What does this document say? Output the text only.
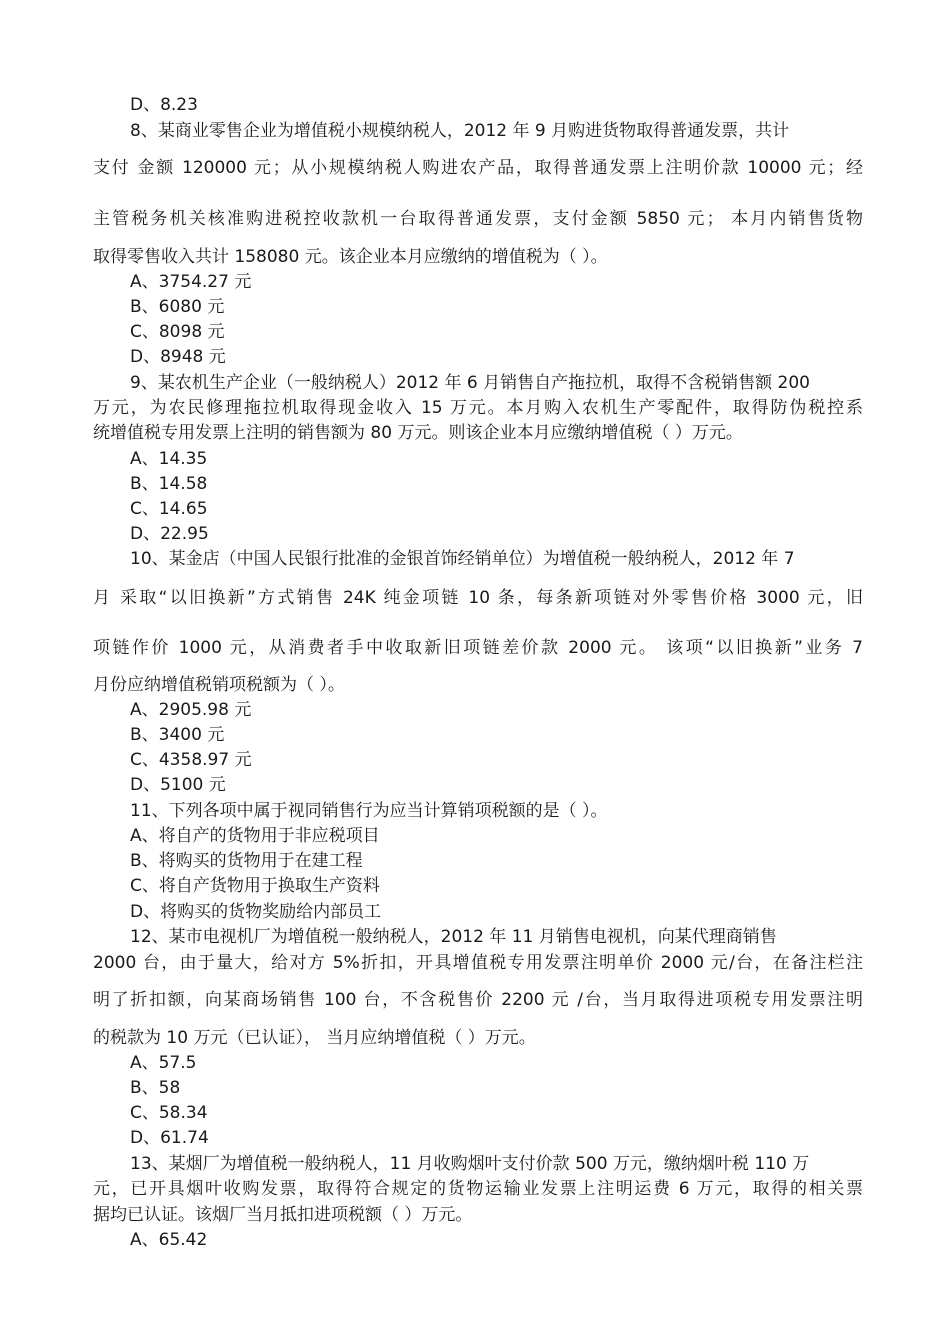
D、8.23
8、某商业零售企业为增值税小规模纳税人，2012 年 9 月购进货物取得普通发票，共计
支付 金额 120000 元；从小规模纳税人购进农产品，取得普通发票上注明价款 10000 元；经
主管税务机关核准购进税控收款机一台取得普通发票，支付金额 5850 元； 本月内销售货物
取得零售收入共计 158080 元。该企业本月应缴纳的增值税为（ ）。
A、3754.27 元
B、6080 元
C、8098 元
D、8948 元
9、某农机生产企业（一般纳税人）2012 年 6 月销售自产拖拉机，取得不含税销售额 200
万元，为农民修理拖拉机取得现金收入 15 万元。本月购入农机生产零配件，取得防伪税控系
统增值税专用发票上注明的销售额为 80 万元。则该企业本月应缴纳增值税（ ）万元。
A、14.35
B、14.58
C、14.65
D、22.95
10、某金店（中国人民银行批准的金银首饰经销单位）为增值税一般纳税人，2012 年 7
月 采取“以旧换新”方式销售 24K 纯金项链 10 条，每条新项链对外零售价格 3000 元，旧
项链作价 1000 元，从消费者手中收取新旧项链差价款 2000 元。 该项“以旧换新”业务 7
月份应纳增值税销项税额为（ ）。
A、2905.98 元
B、3400 元
C、4358.97 元
D、5100 元
11、下列各项中属于视同销售行为应当计算销项税额的是（ ）。
A、将自产的货物用于非应税项目
B、将购买的货物用于在建工程
C、将自产货物用于换取生产资料
D、将购买的货物奖励给内部员工
12、某市电视机厂为增值税一般纳税人，2012 年 11 月销售电视机，向某代理商销售
2000 台，由于量大，给对方 5%折扣，开具增值税专用发票注明单价 2000 元/台，在备注栏注
明了折扣额，向某商场销售 100 台，不含税售价 2200 元 /台，当月取得进项税专用发票注明
的税款为 10 万元（已认证）， 当月应纳增值税（ ）万元。
A、57.5
B、58
C、58.34
D、61.74
13、某烟厂为增值税一般纳税人，11 月收购烟叶支付价款 500 万元，缴纳烟叶税 110 万
元，已开具烟叶收购发票，取得符合规定的货物运输业发票上注明运费 6 万元，取得的相关票
据均已认证。该烟厂当月抵扣进项税额（ ）万元。
A、65.42
